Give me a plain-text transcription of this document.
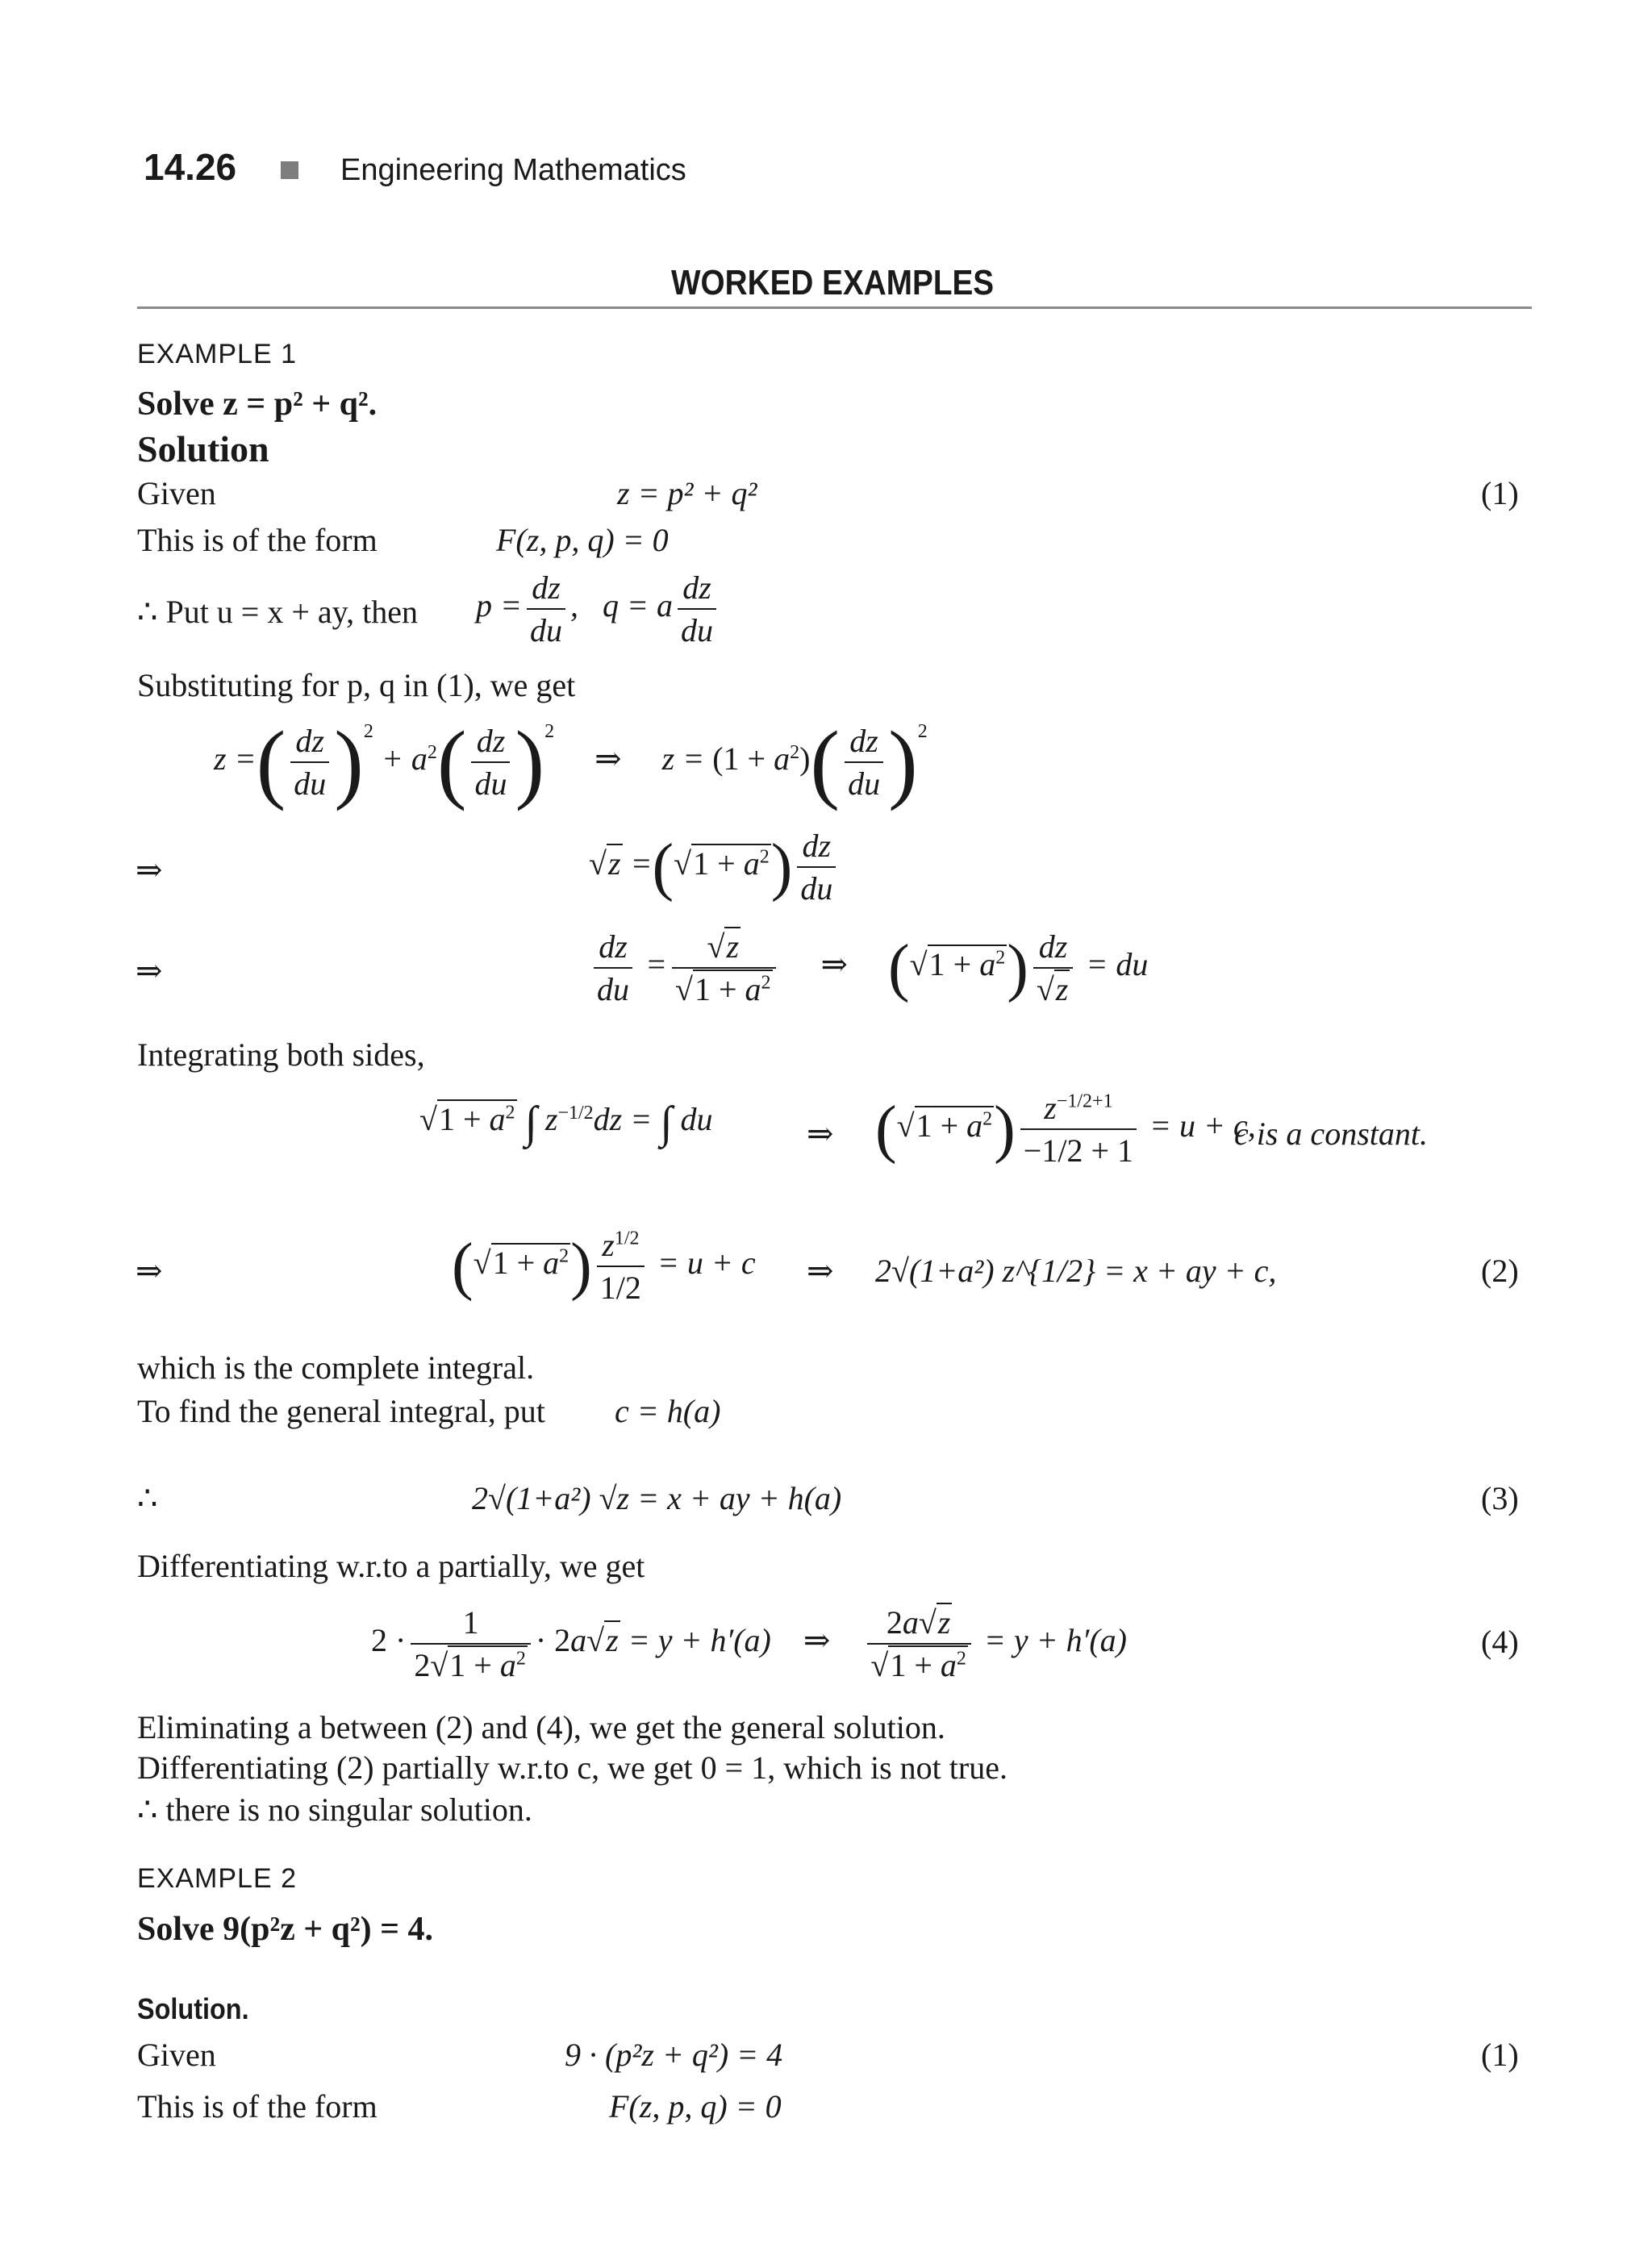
14.26	Engineering Mathematics
WORKED EXAMPLES
EXAMPLE 1
Solve z = p² + q².
Solution
Given	z = p² + q²	(1)
This is of the form	F(z, p, q) = 0
∴ Put u = x + ay, then $p = \frac{dz}{du}$ ,   q = a $\frac{dz}{du}$
Substituting for p, q in (1), we get
z =( $\frac{dz}{du} )^2 + a^2( \frac{dz}{du} )^2$ ⇒ $z = (1 + a^2)( \frac{dz}{du} )^2$
⇒	$√z =(√1 + a^2) \frac{dz}{du}$
⇒	$\frac{dz}{du} = \frac{√z}{√1 + a^2}$ ⇒ $(√1 + a^2) \frac{dz}{√z}$ = du
Integrating both sides,
$√1 + a^2$ ∫ $z^{-1/2}dz$ = ∫ du	⇒ $(√1 + a^2) \frac{z^{-1/2+1}}{-1/2 + 1} = u + c$,
c is a constant.
⇒	$(√1 + a^2) \frac{z^{1/2}}{1/2} = u + c$ ⇒ 2√(1+a²) z^{1/2} = x + ay + c,	(2)
which is the complete integral.
To find the general integral, put c = h(a)
∴	2√(1+a²) √z = x + ay + h(a)	(3)
Differentiating w.r.to a partially, we get
$2 \cdot \frac{1}{2√1 + a^2} \cdot 2a√z = y + h'(a)$ ⇒ $\frac{2a√z}{√1 + a^2} = y + h'(a)$	(4)
Eliminating a between (2) and (4), we get the general solution.
Differentiating (2) partially w.r.to c, we get 0 = 1, which is not true.
∴ there is no singular solution.
EXAMPLE 2
Solve 9(p²z + q²) = 4.
Solution.
Given	9 · (p²z + q²) = 4	(1)
This is of the form	F(z, p, q) = 0
